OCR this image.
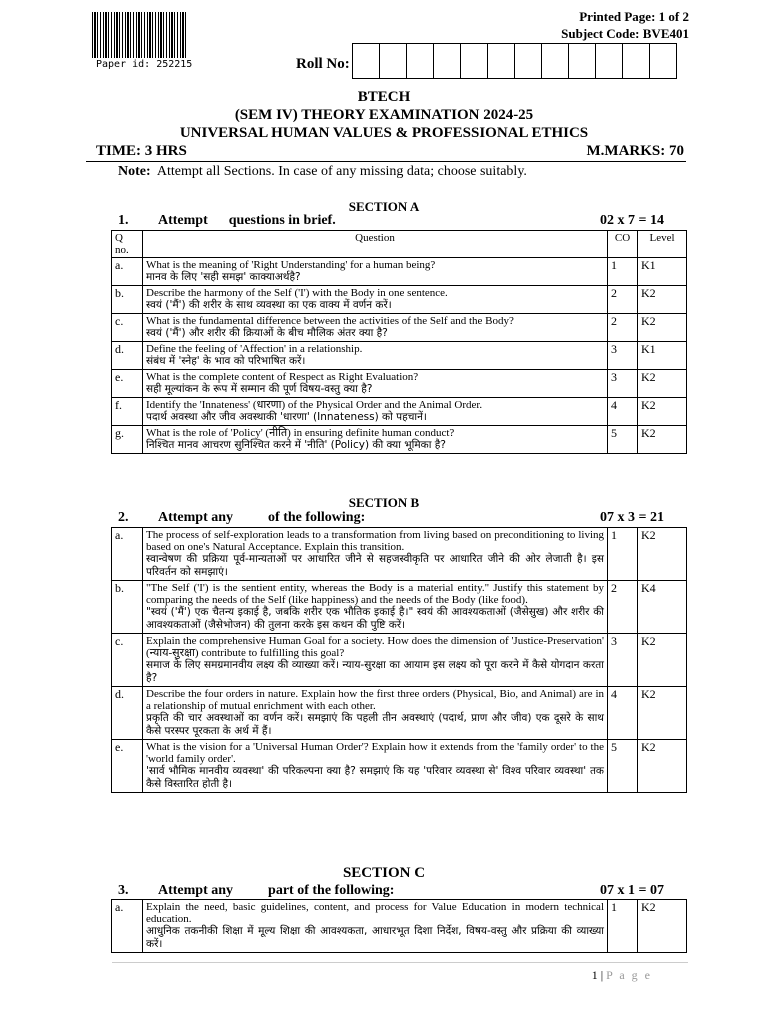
Paper id: 252215
Printed Page: 1 of 2
Subject Code: BVE401
Roll No:
BTECH
(SEM IV) THEORY EXAMINATION 2024-25
UNIVERSAL HUMAN VALUES & PROFESSIONAL ETHICS
TIME: 3 HRS	M.MARKS: 70
Note: Attempt all Sections. In case of any missing data; choose suitably.
SECTION A
1. Attempt      questions in brief.	02 x 7 = 14
Q no.	Question	CO	Level
a.	What is the meaning of 'Right Understanding' for a human being?
मानव के लिए 'सही समझ' काक्याअर्थहै?	1	K1
b.	Describe the harmony of the Self ('I') with the Body in one sentence.
स्वयं ('मैं') की शरीर के साथ व्यवस्था का एक वाक्य में वर्णन करें।	2	K2
c.	What is the fundamental difference between the activities of the Self and the Body?
स्वयं ('मैं') और शरीर की क्रियाओं के बीच मौलिक अंतर क्या है?	2	K2
d.	Define the feeling of 'Affection' in a relationship.
संबंध में 'स्नेह' के भाव को परिभाषित करें।	3	K1
e.	What is the complete content of Respect as Right Evaluation?
सही मूल्यांकन के रूप में सम्मान की पूर्ण विषय-वस्तु क्या है?	3	K2
f.	Identify the 'Innateness' (धारणा) of the Physical Order and the Animal Order.
पदार्थ अवस्था और जीव अवस्थाकी 'धारणा' (Innateness) को पहचानें।	4	K2
g.	What is the role of 'Policy' (नीति) in ensuring definite human conduct?
निश्चित मानव आचरण सुनिश्चित करने में 'नीति' (Policy) की क्या भूमिका है?	5	K2
SECTION B
2. Attempt any          of the following:	07 x 3 = 21
a.	The process of self-exploration leads to a transformation from living based on preconditioning to living based on one's Natural Acceptance. Explain this transition.
स्वान्वेषण की प्रक्रिया पूर्व-मान्यताओं पर आधारित जीने से सहजस्वीकृति पर आधारित जीने की ओर लेजाती है। इस परिवर्तन को समझाएं।	1	K2
b.	"The Self ('I') is the sentient entity, whereas the Body is a material entity." Justify this statement by comparing the needs of the Self (like happiness) and the needs of the Body (like food).
"स्वयं ('मैं') एक चैतन्य इकाई है, जबकि शरीर एक भौतिक इकाई है।" स्वयं की आवश्यकताओं (जैसेसुख) और शरीर की आवश्यकताओं (जैसेभोजन) की तुलना करके इस कथन की पुष्टि करें।	2	K4
c.	Explain the comprehensive Human Goal for a society. How does the dimension of 'Justice-Preservation' (न्याय-सुरक्षा) contribute to fulfilling this goal?
समाज के लिए समग्रमानवीय लक्ष्य की व्याख्या करें। न्याय-सुरक्षा का आयाम इस लक्ष्य को पूरा करने में कैसे योगदान करता है?	3	K2
d.	Describe the four orders in nature. Explain how the first three orders (Physical, Bio, and Animal) are in a relationship of mutual enrichment with each other.
प्रकृति की चार अवस्थाओं का वर्णन करें। समझाएं कि पहली तीन अवस्थाएं (पदार्थ, प्राण और जीव) एक दूसरे के साथ कैसे परस्पर पूरकता के अर्थ में हैं।	4	K2
e.	What is the vision for a 'Universal Human Order'? Explain how it extends from the 'family order' to the 'world family order'.
'सार्व भौमिक मानवीय व्यवस्था' की परिकल्पना क्या है? समझाएं कि यह 'परिवार व्यवस्था से' विश्व परिवार व्यवस्था' तक कैसे विस्तारित होती है।	5	K2
SECTION C
3. Attempt any          part of the following:	07 x 1 = 07
a.	Explain the need, basic guidelines, content, and process for Value Education in modern technical education.
आधुनिक तकनीकी शिक्षा में मूल्य शिक्षा की आवश्यकता, आधारभूत दिशा निर्देश, विषय-वस्तु और प्रक्रिया की व्याख्या करें।
	1	K2
1 | P a g e
